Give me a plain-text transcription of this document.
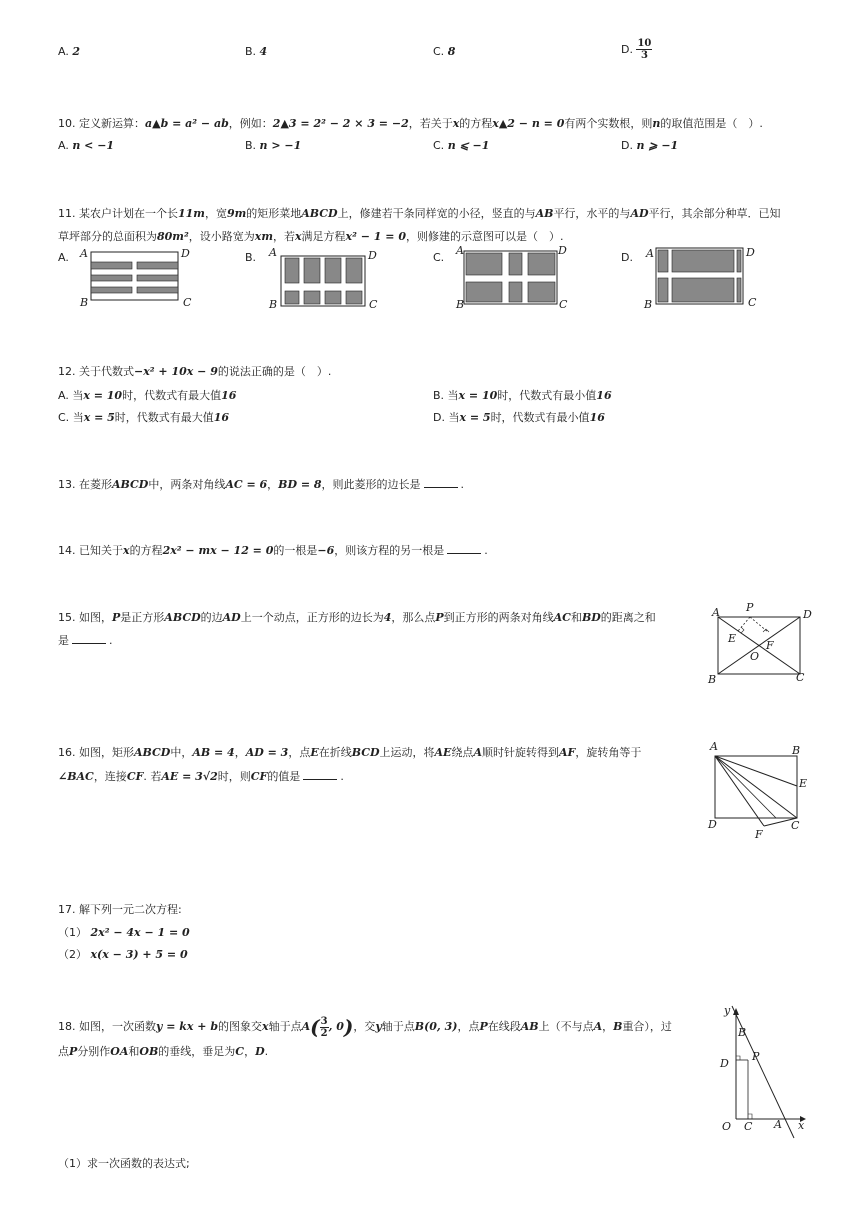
A. 2	B. 4	C. 8	D. $\frac{10}{3}$
10. 定义新运算：a▲b = a² − ab，例如：2▲3 = 2² − 2 × 3 = −2，若关于x的方程x▲2 − n = 0有两个实数根，则n的取值范围是（　）.
A. n < −1	B. n > −1	C. n ⩽ −1	D. n ⩾ −1
11. 某农户计划在一个长11m，宽9m的矩形菜地ABCD上，修建若干条同样宽的小径，竖直的与AB平行，水平的与AD平行，其余部分种草．已知
草坪部分的总面积为80m²，设小路宽为xm，若x满足方程x² − 1 = 0，则修建的示意图可以是（　）.
A.	B.	C.	D.
A	D
B	C
A	D
B	C
A	D
B	C
A	D
B	C
12. 关于代数式−x² + 10x − 9的说法正确的是（　）.
A. 当x = 10时，代数式有最大值16	B. 当x = 10时，代数式有最小值16
C. 当x = 5时，代数式有最大值16	D. 当x = 5时，代数式有最小值16
13. 在菱形ABCD中，两条对角线AC = 6，BD = 8，则此菱形的边长是	.
14. 已知关于x的方程2x² − mx − 12 = 0的一根是−6，则该方程的另一根是	.
15. 如图，P是正方形ABCD的边AD上一个动点，正方形的边长为4，那么点P到正方形的两条对角线AC和BD的距离之和
是	.
A P
D
E
F
O
B	C
16. 如图，矩形ABCD中，AB = 4，AD = 3，点E在折线BCD上运动，将AE绕点A顺时针旋转得到AF，旋转角等于
∠BAC，连接CF. 若AE = 3√2时，则CF的值是	.
A	B
E
D
F
C
17. 解下列一元二次方程:
（1） 2x² − 4x − 1 = 0
（2） x(x − 3) + 5 = 0
18. 如图，一次函数y = kx + b的图象交x轴于点$A( \frac{3}{2}$ , 0)，交y轴于点B(0, 3)，点P在线段AB上（不与点A，B重合），过
点P分别作OA和OB的垂线，垂足为C，D.
y
B
D
P
O C A x
（1）求一次函数的表达式;
